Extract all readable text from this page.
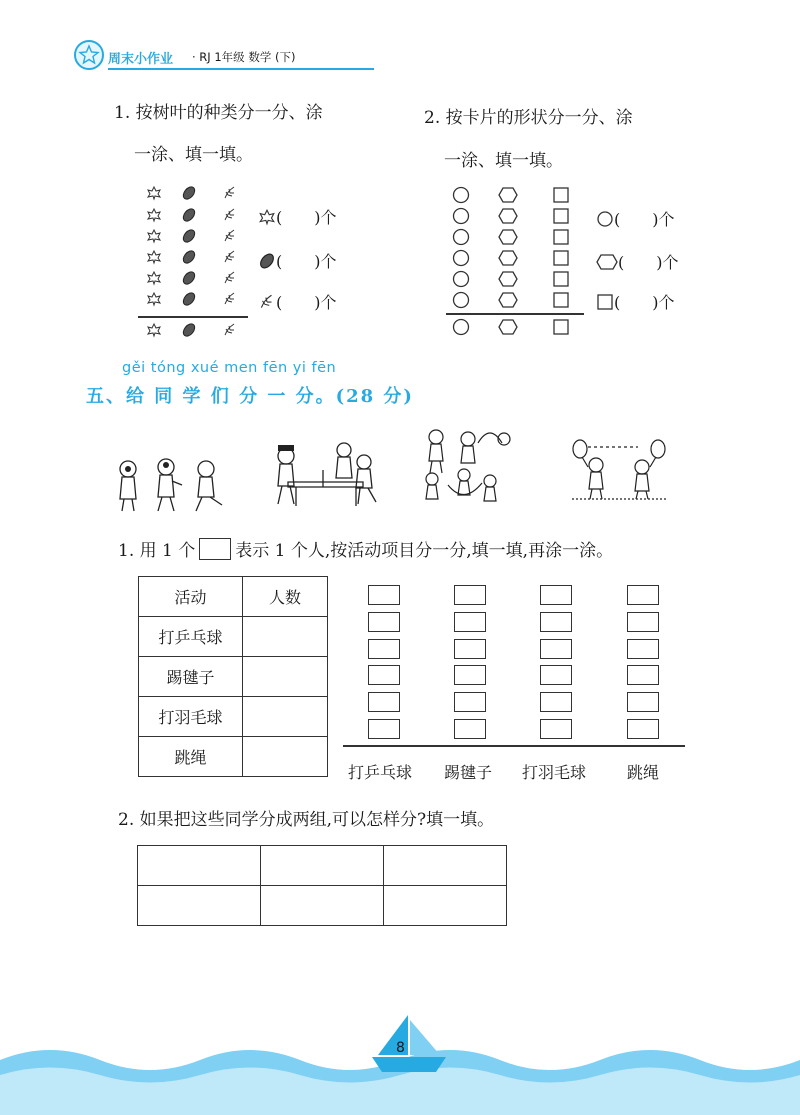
周末小作业 · RJ 1年级 数学 (下)
1. 按树叶的种类分一分、涂
一涂、填一填。
2. 按卡片的形状分一分、涂
一涂、填一填。
(　　)个
(　　)个
(　　)个
(　　)个
(　　)个
(　　)个
gěi tóng xué men fēn yi fēn
五、给 同 学 们 分 一 分。(28 分)
1. 用 1 个 表示 1 个人,按活动项目分一分,填一填,再涂一涂。
活动	人数
打乒乓球	
踢毽子	
打羽毛球	
跳绳	
打乒乓球 踢毽子 打羽毛球	跳绳
2. 如果把这些同学分成两组,可以怎样分?填一填。

8
